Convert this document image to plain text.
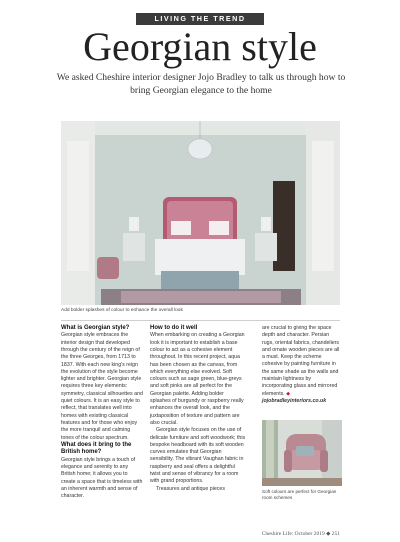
LIVING THE TREND
Georgian style
We asked Cheshire interior designer Jojo Bradley to talk us through how to bring Georgian elegance to the home
Add bolder splashes of colour to enhance the overall look
What is Georgian style?

Georgian style embraces the interior design that developed through the century of the reign of the three Georges, from 1713 to 1837. With each new king's reign the evolution of the style become lighter and brighter. Georgian style requires three key elements: symmetry, classical silhouettes and quiet colours. It is an easy style to reflect, that translates well into homes with existing classical features and for those who enjoy the more tranquil and calming tones of the colour spectrum.

What does it bring to the British home?

Georgian style brings a touch of elegance and serenity to any British home; it allows you to create a space that is timeless with an inherent warmth and sense of character.

How to do it well

When embarking on creating a Georgian look it is important to establish a base colour to act as a cohesive element throughout. In this recent project, aqua has been chosen as the canvas, from which everything else evolved. Soft colours such as sage green, blue-greys and soft pinks are all perfect for the Georgian palette. Adding bolder splashes of burgundy or raspberry really enhances the overall look, and the juxtaposition of texture and pattern are also crucial.

Georgian style focuses on the use of delicate furniture and soft woodwork; this bespoke headboard with its soft wooden curves emulates that Georgian sensibility. The vibrant Vaughan fabric in raspberry and seal offers a delightful twist and sense of vibrancy for a room with grand proportions.

Treasures and antique pieces

are crucial to giving the space depth and character. Persian rugs, oriental fabrics, chandeliers and ornate wooden pieces are all a must. Keep the scheme cohesive by painting furniture in the same shade as the walls and maintain lightness by incorporating glass and mirrored elements. ◆ jojobradleyinteriors.co.uk

Soft colours are perfect for Georgian room schemes
Cheshire Life: October 2019 ◆ 251
